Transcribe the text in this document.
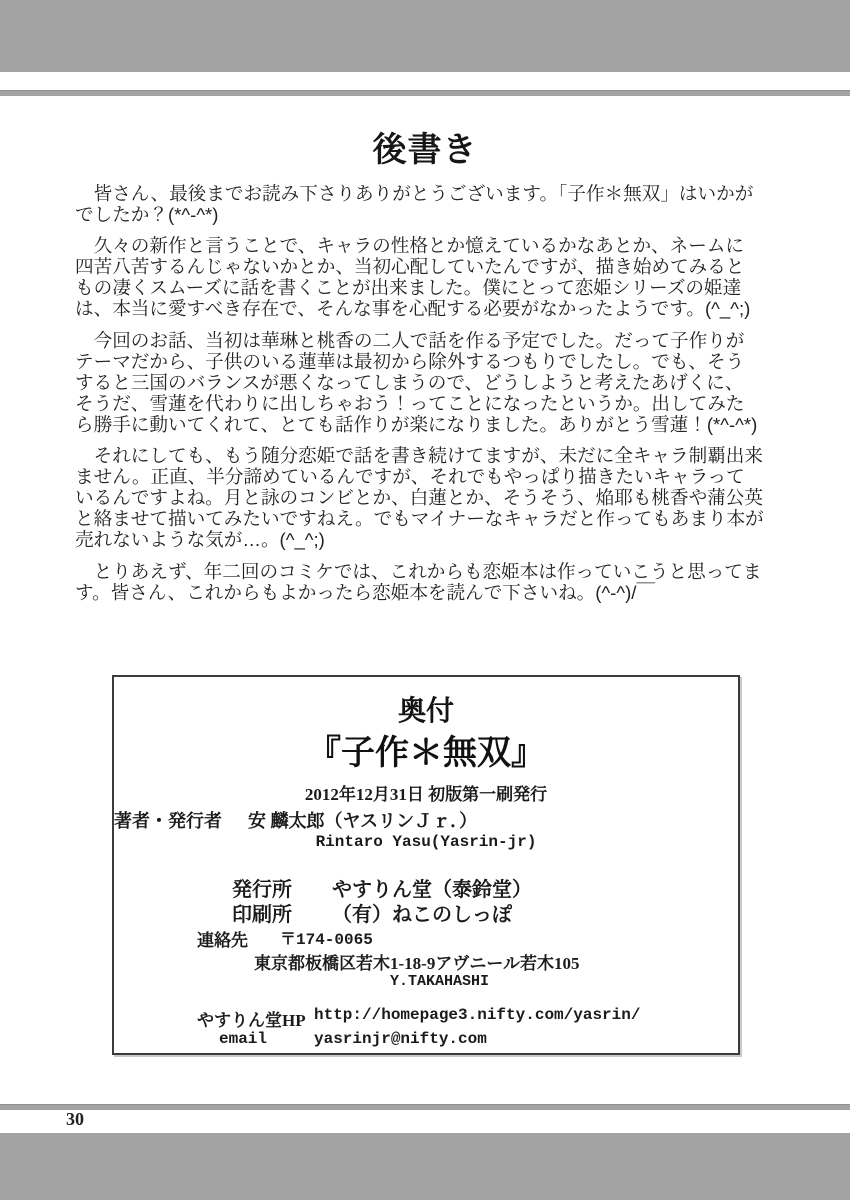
30
後書き
　皆さん、最後までお読み下さりありがとうございます。「子作＊無双」はいかが
でしたか？(*^-^*)
　久々の新作と言うことで、キャラの性格とか憶えているかなあとか、ネームに
四苦八苦するんじゃないかとか、当初心配していたんですが、描き始めてみると
もの凄くスムーズに話を書くことが出来ました。僕にとって恋姫シリーズの姫達
は、本当に愛すべき存在で、そんな事を心配する必要がなかったようです。(^_^;)
　今回のお話、当初は華琳と桃香の二人で話を作る予定でした。だって子作りが
テーマだから、子供のいる蓮華は最初から除外するつもりでしたし。でも、そう
すると三国のバランスが悪くなってしまうので、どうしようと考えたあげくに、
そうだ、雪蓮を代わりに出しちゃおう！ってことになったというか。出してみた
ら勝手に動いてくれて、とても話作りが楽になりました。ありがとう雪蓮！(*^-^*)
　それにしても、もう随分恋姫で話を書き続けてますが、未だに全キャラ制覇出来
ません。正直、半分諦めているんですが、それでもやっぱり描きたいキャラって
いるんですよね。月と詠のコンビとか、白蓮とか、そうそう、焔耶も桃香や蒲公英
と絡ませて描いてみたいですねえ。でもマイナーなキャラだと作ってもあまり本が
売れないような気が…。(^_^;)
　とりあえず、年二回のコミケでは、これからも恋姫本は作っていこうと思ってま
す。皆さん、これからもよかったら恋姫本を読んで下さいね。(^-^)/￣
奥付
『子作＊無双』
2012年12月31日 初版第一刷発行
著者・発行者 安 麟太郎（ヤスリンＪｒ．）
Rintaro Yasu(Yasrin-jr)
発行所 やすりん堂（泰鈴堂）
印刷所 （有）ねこのしっぽ
連絡先 〒174-0065
東京都板橋区若木1-18-9アヴニール若木105
Y.TAKAHASHI
やすりん堂HP http://homepage3.nifty.com/yasrin/
email	yasrinjr@nifty.com
